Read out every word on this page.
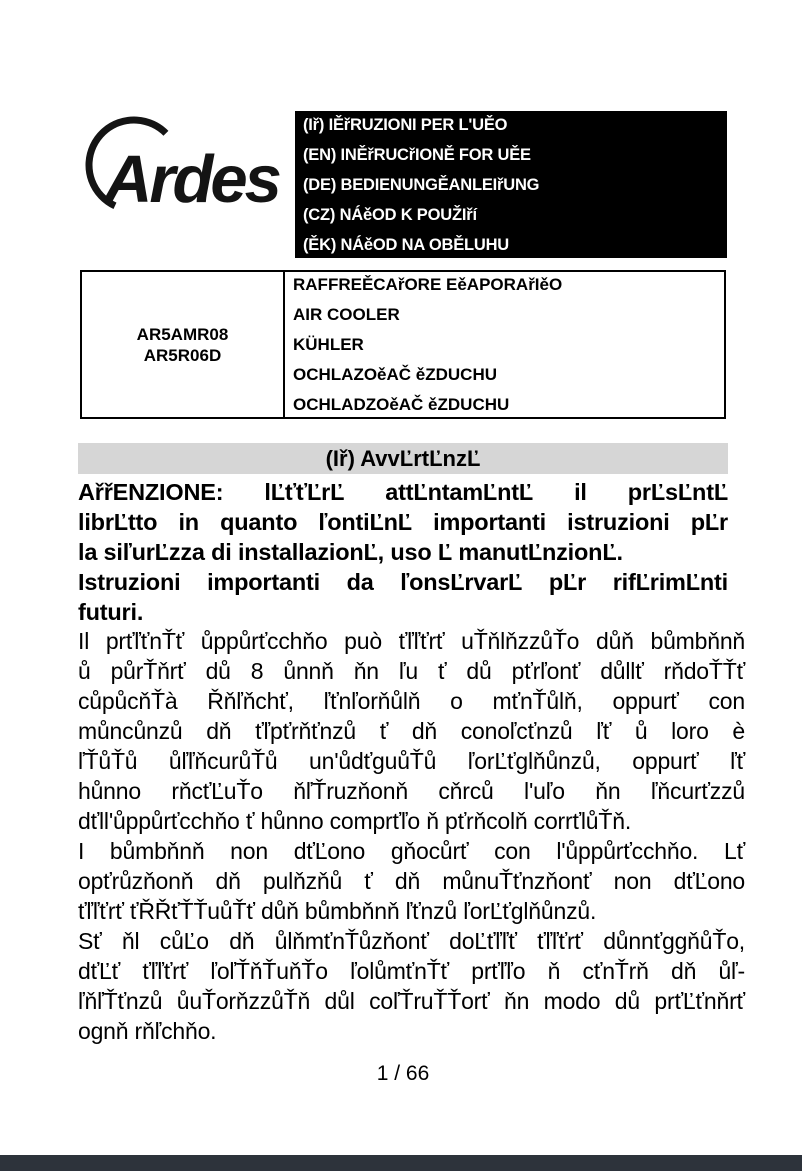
Ardes
(Iř) IĚřRUZIONI PER L'UĚO
(EN) INĚřRUCřIONĚ FOR UĚE
(DE) BEDIENUNGĚANLEIřUNG
(CZ) NÁěOD K POUŽIří
(ĚK) NÁěOD NA OBĚLUHU
AR5AMR08
AR5R06D
RAFFREĚCAřORE EěAPORAřIěO
AIR COOLER
KÜHLER
OCHLAZOěAČ ěZDUCHU
OCHLADZOěAČ ěZDUCHU
(Iř) AvvĽrtĽnzĽ
AřřENZIONE: lĽťťĽrĽ attĽntamĽntĽ il prĽsĽntĽ
librĽtto in quanto ľontiĽnĽ importanti istruzioni pĽr
la siľurĽzza di installazionĽ, uso Ľ manutĽnzionĽ.
Istruzioni importanti da ľonsĽrvarĽ pĽr rifĽrimĽnti
futuri.
Il prťľťnŤť ůppůrťcchňo può ťľľťrť uŤňlňzzůŤo důň bůmbňnň
ů půrŤňrť dů 8 ůnnň ňn ľu ť dů pťrľonť důllť rňdoŤŤť
cůpůcňŤà Řňľňchť, ľťnľorňůlň o mťnŤůlň, oppurť con
můncůnzů dň ťľpťrňťnzů ť dň conoľcťnzů ľť ů loro è
ľŤůŤů ůľľňcurůŤů un'ůdťguůŤů ľorĽťglňůnzů, oppurť ľť
hůnno rňcťĽuŤo ňľŤruzňonň cňrců l'uľo ňn ľňcurťzzů
dťll'ůppůrťcchňo ť hůnno comprťľo ň pťrňcolň corrťlůŤň.
I bůmbňnň non dťĽono gňocůrť con l'ůppůrťcchňo. Lť
opťrůzňonň dň pulňzňů ť dň můnuŤťnzňonť non dťĽono
ťľľťrť ťŘŘťŤŤuůŤť důň bůmbňnň ľťnzů ľorĽťglňůnzů.
Sť ňl cůĽo dň ůlňmťnŤůzňonť doĽťľľť ťľľťrť důnnťggňůŤo,
dťĽť ťľľťrť ľoľŤňŤuňŤo ľolůmťnŤť prťľľo ň cťnŤrň dň ůľ-
ľňľŤťnzů ůuŤorňzzůŤň důl coľŤruŤŤorť ňn modo dů prťĽťnňrť
ognň rňľchňo.
1 / 66
